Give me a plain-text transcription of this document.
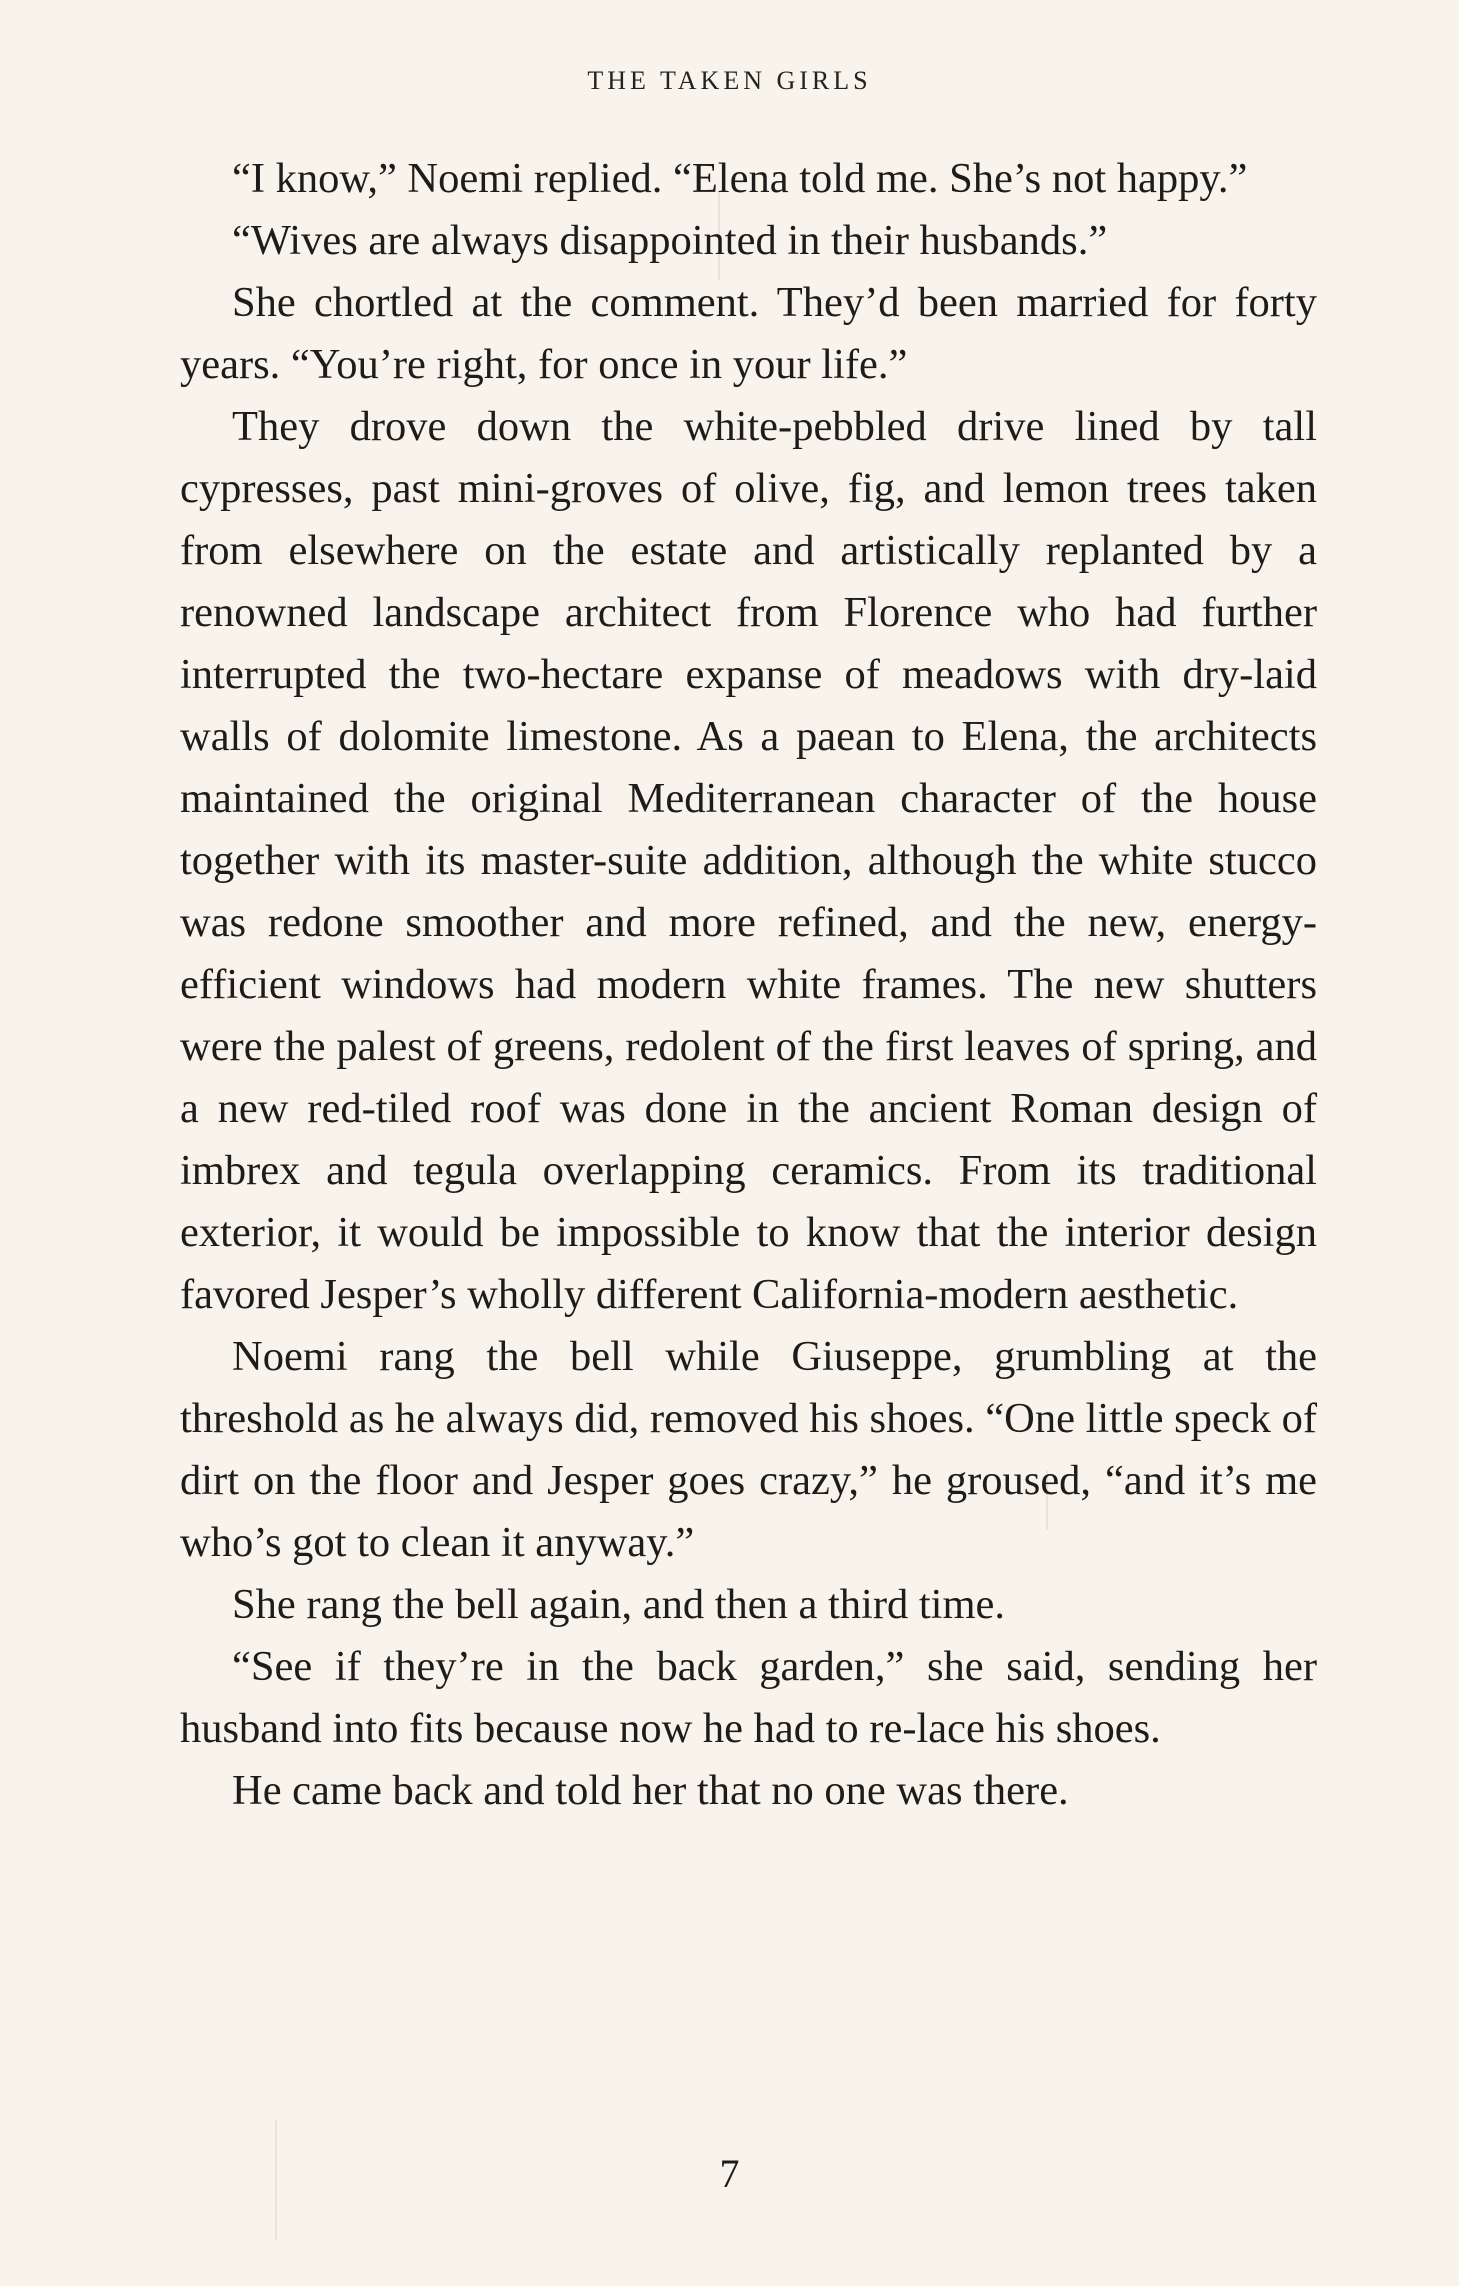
THE TAKEN GIRLS

“I know,” Noemi replied. “Elena told me. She’s not happy.”

“Wives are always disappointed in their husbands.”

She chortled at the comment. They’d been married for forty years. “You’re right, for once in your life.”

They drove down the white-pebbled drive lined by tall cypresses, past mini-groves of olive, fig, and lemon trees taken from elsewhere on the estate and artistically replanted by a renowned landscape architect from Florence who had further interrupted the two-hectare expanse of meadows with dry-laid walls of dolomite limestone. As a paean to Elena, the architects maintained the original Mediterranean character of the house together with its master-suite addition, although the white stucco was redone smoother and more refined, and the new, energy-efficient windows had modern white frames. The new shutters were the palest of greens, redolent of the first leaves of spring, and a new red-tiled roof was done in the ancient Roman design of imbrex and tegula overlapping ceramics. From its traditional exterior, it would be impossible to know that the interior design favored Jesper’s wholly different California-modern aesthetic.

Noemi rang the bell while Giuseppe, grumbling at the threshold as he always did, removed his shoes. “One little speck of dirt on the floor and Jesper goes crazy,” he groused, “and it’s me who’s got to clean it anyway.”

She rang the bell again, and then a third time.

“See if they’re in the back garden,” she said, sending her husband into fits because now he had to re-lace his shoes.

He came back and told her that no one was there.

7
